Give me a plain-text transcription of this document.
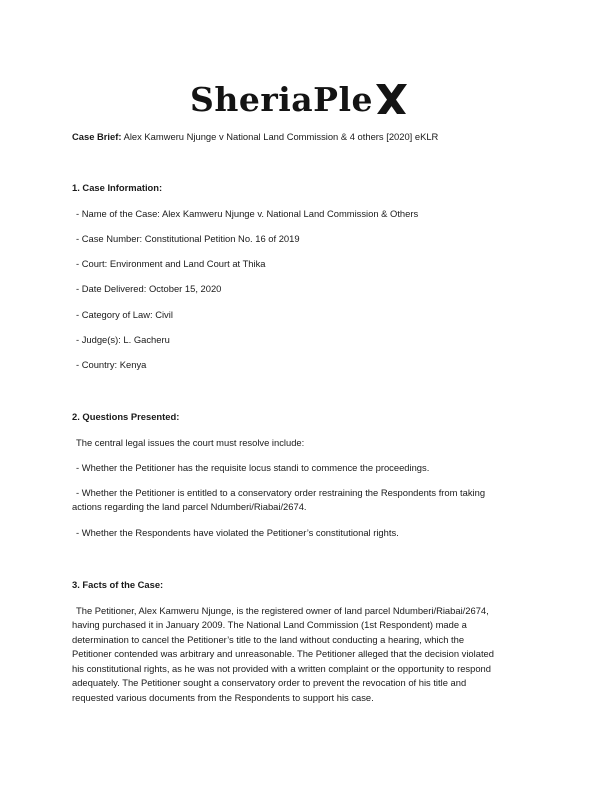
SheriaPle
Case Brief: Alex Kamweru Njunge v National Land Commission & 4 others [2020] eKLR
1. Case Information:
- Name of the Case: Alex Kamweru Njunge v. National Land Commission & Others
- Case Number: Constitutional Petition No. 16 of 2019
- Court: Environment and Land Court at Thika
- Date Delivered: October 15, 2020
- Category of Law: Civil
- Judge(s): L. Gacheru
- Country: Kenya
2. Questions Presented:
The central legal issues the court must resolve include:
- Whether the Petitioner has the requisite locus standi to commence the proceedings.
- Whether the Petitioner is entitled to a conservatory order restraining the Respondents from taking
actions regarding the land parcel Ndumberi/Riabai/2674.
- Whether the Respondents have violated the Petitioner’s constitutional rights.
3. Facts of the Case:
The Petitioner, Alex Kamweru Njunge, is the registered owner of land parcel Ndumberi/Riabai/2674,
having purchased it in January 2009. The National Land Commission (1st Respondent) made a
determination to cancel the Petitioner’s title to the land without conducting a hearing, which the
Petitioner contended was arbitrary and unreasonable. The Petitioner alleged that the decision violated
his constitutional rights, as he was not provided with a written complaint or the opportunity to respond
adequately. The Petitioner sought a conservatory order to prevent the revocation of his title and
requested various documents from the Respondents to support his case.
